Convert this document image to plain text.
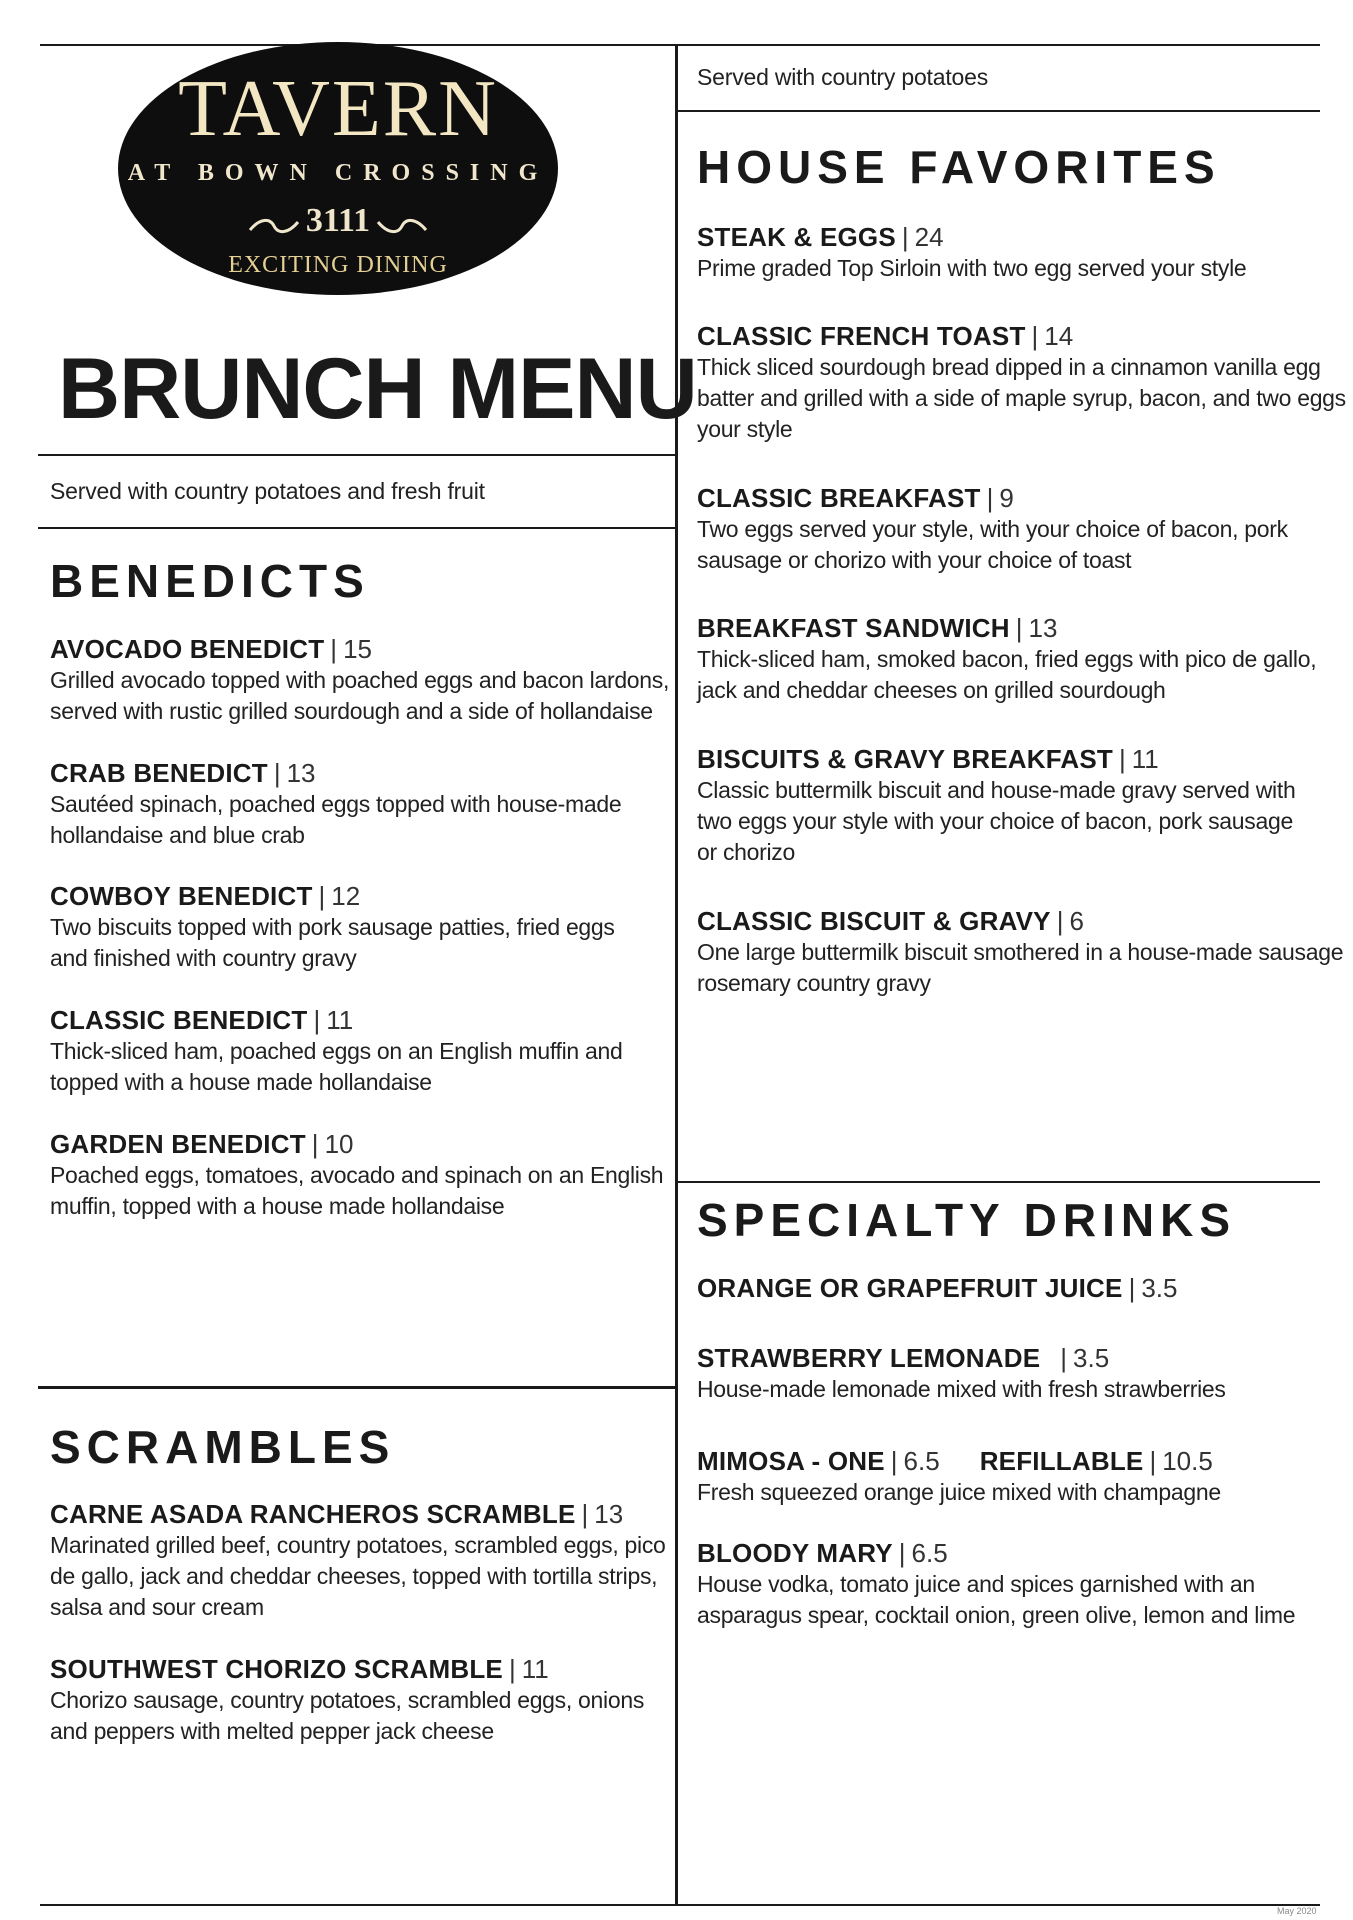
TAVERN
AT BOWN CROSSING
3111
EXCITING DINING
BRUNCH MENU
Served with country potatoes and fresh fruit
Served with country potatoes
BENEDICTS
AVOCADO BENEDICT | 15
Grilled avocado topped with poached eggs and bacon lardons,
served with rustic grilled sourdough and a side of hollandaise
CRAB BENEDICT | 13
Sautéed spinach, poached eggs topped with house-made
hollandaise and blue crab
COWBOY BENEDICT | 12
Two biscuits topped with pork sausage patties, fried eggs
and finished with country gravy
CLASSIC BENEDICT | 11
Thick-sliced ham, poached eggs on an English muffin and
topped with a house made hollandaise
GARDEN BENEDICT | 10
Poached eggs, tomatoes, avocado and spinach on an English
muffin, topped with a house made hollandaise
SCRAMBLES
CARNE ASADA RANCHEROS SCRAMBLE | 13
Marinated grilled beef, country potatoes, scrambled eggs, pico
de gallo, jack and cheddar cheeses, topped with tortilla strips,
salsa and sour cream
SOUTHWEST CHORIZO SCRAMBLE | 11
Chorizo sausage, country potatoes, scrambled eggs, onions
and peppers with melted pepper jack cheese
HOUSE FAVORITES
STEAK & EGGS | 24
Prime graded Top Sirloin with two egg served your style
CLASSIC FRENCH TOAST | 14
Thick sliced sourdough bread dipped in a cinnamon vanilla egg
batter and grilled with a side of maple syrup, bacon, and two eggs
your style
CLASSIC BREAKFAST | 9
Two eggs served your style, with your choice of bacon, pork
sausage or chorizo with your choice of toast
BREAKFAST SANDWICH | 13
Thick-sliced ham, smoked bacon, fried eggs with pico de gallo,
jack and cheddar cheeses on grilled sourdough
BISCUITS & GRAVY BREAKFAST | 11
Classic buttermilk biscuit and house-made gravy served with
two eggs your style with your choice of bacon, pork sausage
or chorizo
CLASSIC BISCUIT & GRAVY | 6
One large buttermilk biscuit smothered in a house-made sausage
rosemary country gravy
SPECIALTY DRINKS
ORANGE OR GRAPEFRUIT JUICE | 3.5
STRAWBERRY LEMONADE | 3.5
House-made lemonade mixed with fresh strawberries
MIMOSA - ONE | 6.5 REFILLABLE | 10.5
Fresh squeezed orange juice mixed with champagne
BLOODY MARY | 6.5
House vodka, tomato juice and spices garnished with an
asparagus spear, cocktail onion, green olive, lemon and lime
May 2020
